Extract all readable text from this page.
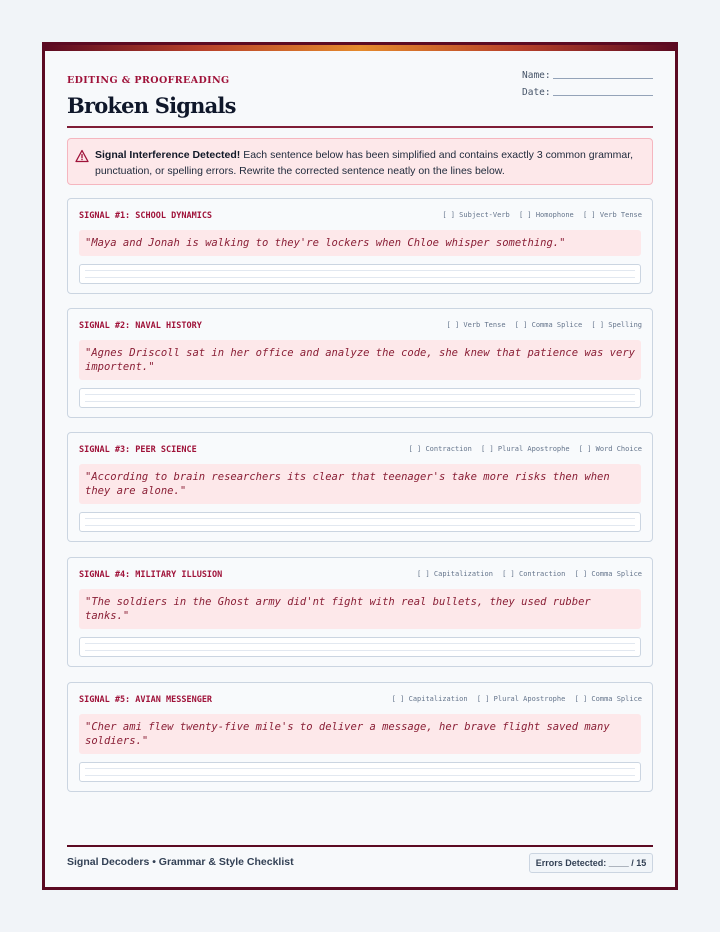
EDITING & PROOFREADING
Broken Signals
Name:
Date:
Signal Interference Detected! Each sentence below has been simplified and contains exactly 3 common grammar, punctuation, or spelling errors. Rewrite the corrected sentence neatly on the lines below.
SIGNAL #1: SCHOOL DYNAMICS	[ ] Subject-Verb [ ] Homophone [ ] Verb Tense
"Maya and Jonah is walking to they're lockers when Chloe whisper something."
SIGNAL #2: NAVAL HISTORY	[ ] Verb Tense [ ] Comma Splice [ ] Spelling
"Agnes Driscoll sat in her office and analyze the code, she knew that patience was very importent."
SIGNAL #3: PEER SCIENCE	[ ] Contraction [ ] Plural Apostrophe [ ] Word Choice
"According to brain researchers its clear that teenager's take more risks then when they are alone."
SIGNAL #4: MILITARY ILLUSION	[ ] Capitalization [ ] Contraction [ ] Comma Splice
"The soldiers in the Ghost army did'nt fight with real bullets, they used rubber tanks."
SIGNAL #5: AVIAN MESSENGER	[ ] Capitalization [ ] Plural Apostrophe [ ] Comma Splice
"Cher ami flew twenty-five mile's to deliver a message, her brave flight saved many soldiers."
Signal Decoders • Grammar & Style Checklist	Errors Detected: ____ / 15
